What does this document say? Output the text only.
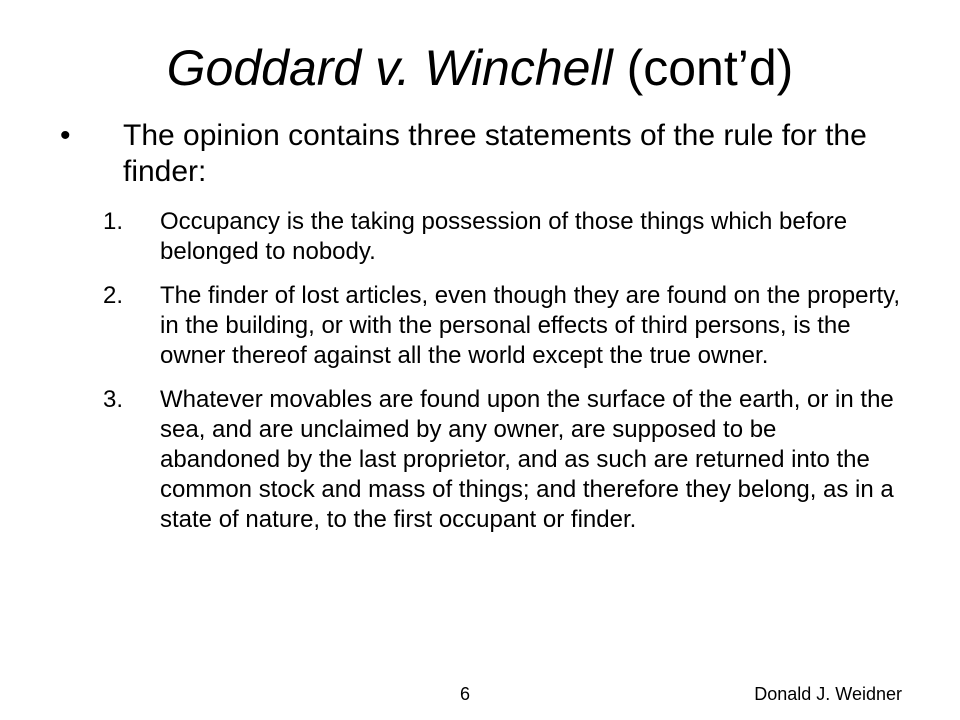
Goddard v. Winchell (cont’d)
• The opinion contains three statements of the rule for the finder:
1. Occupancy is the taking possession of those things which before belonged to nobody.
2. The finder of lost articles, even though they are found on the property, in the building, or with the personal effects of third persons, is the owner thereof against all the world except the true owner.
3. Whatever movables are found upon the surface of the earth, or in the sea, and are unclaimed by any owner, are supposed to be abandoned by the last proprietor, and as such are returned into the common stock and mass of things; and therefore they belong, as in a state of nature, to the first occupant or finder.
6	Donald J. Weidner
